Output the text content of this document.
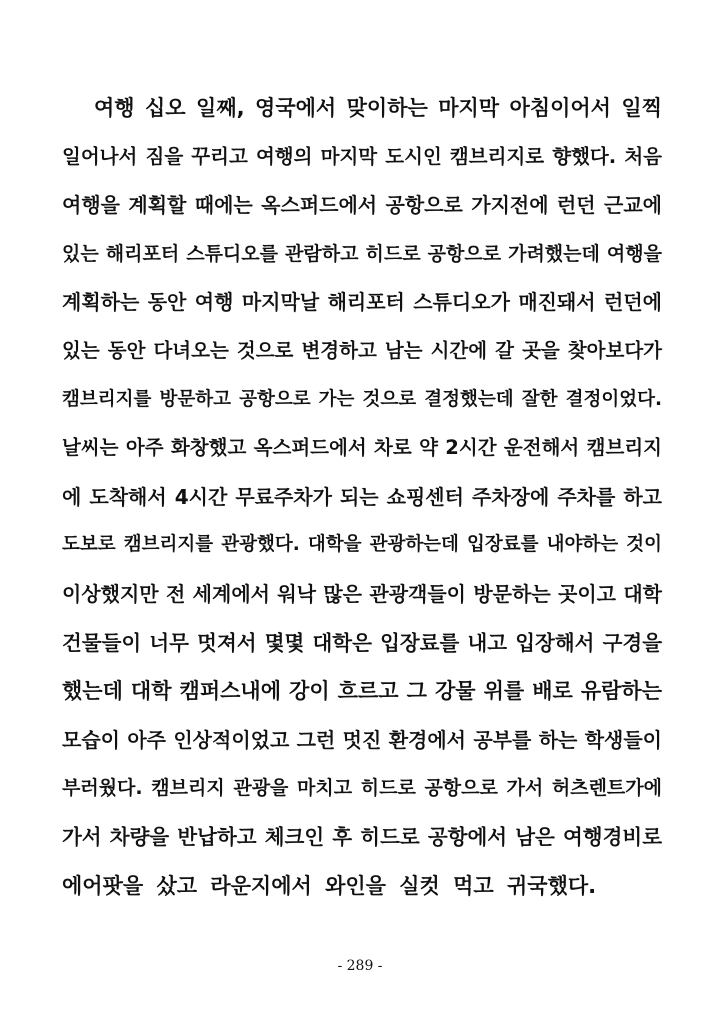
여행 십오 일째, 영국에서 맞이하는 마지막 아침이어서 일찍
일어나서 짐을 꾸리고 여행의 마지막 도시인 캠브리지로 향했다. 처음
여행을 계획할 때에는 옥스퍼드에서 공항으로 가지전에 런던 근교에
있는 해리포터 스튜디오를 관람하고 히드로 공항으로 가려했는데 여행을
계획하는 동안 여행 마지막날 해리포터 스튜디오가 매진돼서 런던에
있는 동안 다녀오는 것으로 변경하고 남는 시간에 갈 곳을 찾아보다가
캠브리지를 방문하고 공항으로 가는 것으로 결정했는데 잘한 결정이었다.
날씨는 아주 화창했고 옥스퍼드에서 차로 약 2시간 운전해서 캠브리지
에 도착해서 4시간 무료주차가 되는 쇼핑센터 주차장에 주차를 하고
도보로 캠브리지를 관광했다. 대학을 관광하는데 입장료를 내야하는 것이
이상했지만 전 세계에서 워낙 많은 관광객들이 방문하는 곳이고 대학
건물들이 너무 멋져서 몇몇 대학은 입장료를 내고 입장해서 구경을
했는데 대학 캠퍼스내에 강이 흐르고 그 강물 위를 배로 유람하는
모습이 아주 인상적이었고 그런 멋진 환경에서 공부를 하는 학생들이
부러웠다. 캠브리지 관광을 마치고 히드로 공항으로 가서 허츠렌트가에
가서 차량을 반납하고 체크인 후 히드로 공항에서 남은 여행경비로
에어팟을 샀고 라운지에서 와인을 실컷 먹고 귀국했다.
- 289 -
